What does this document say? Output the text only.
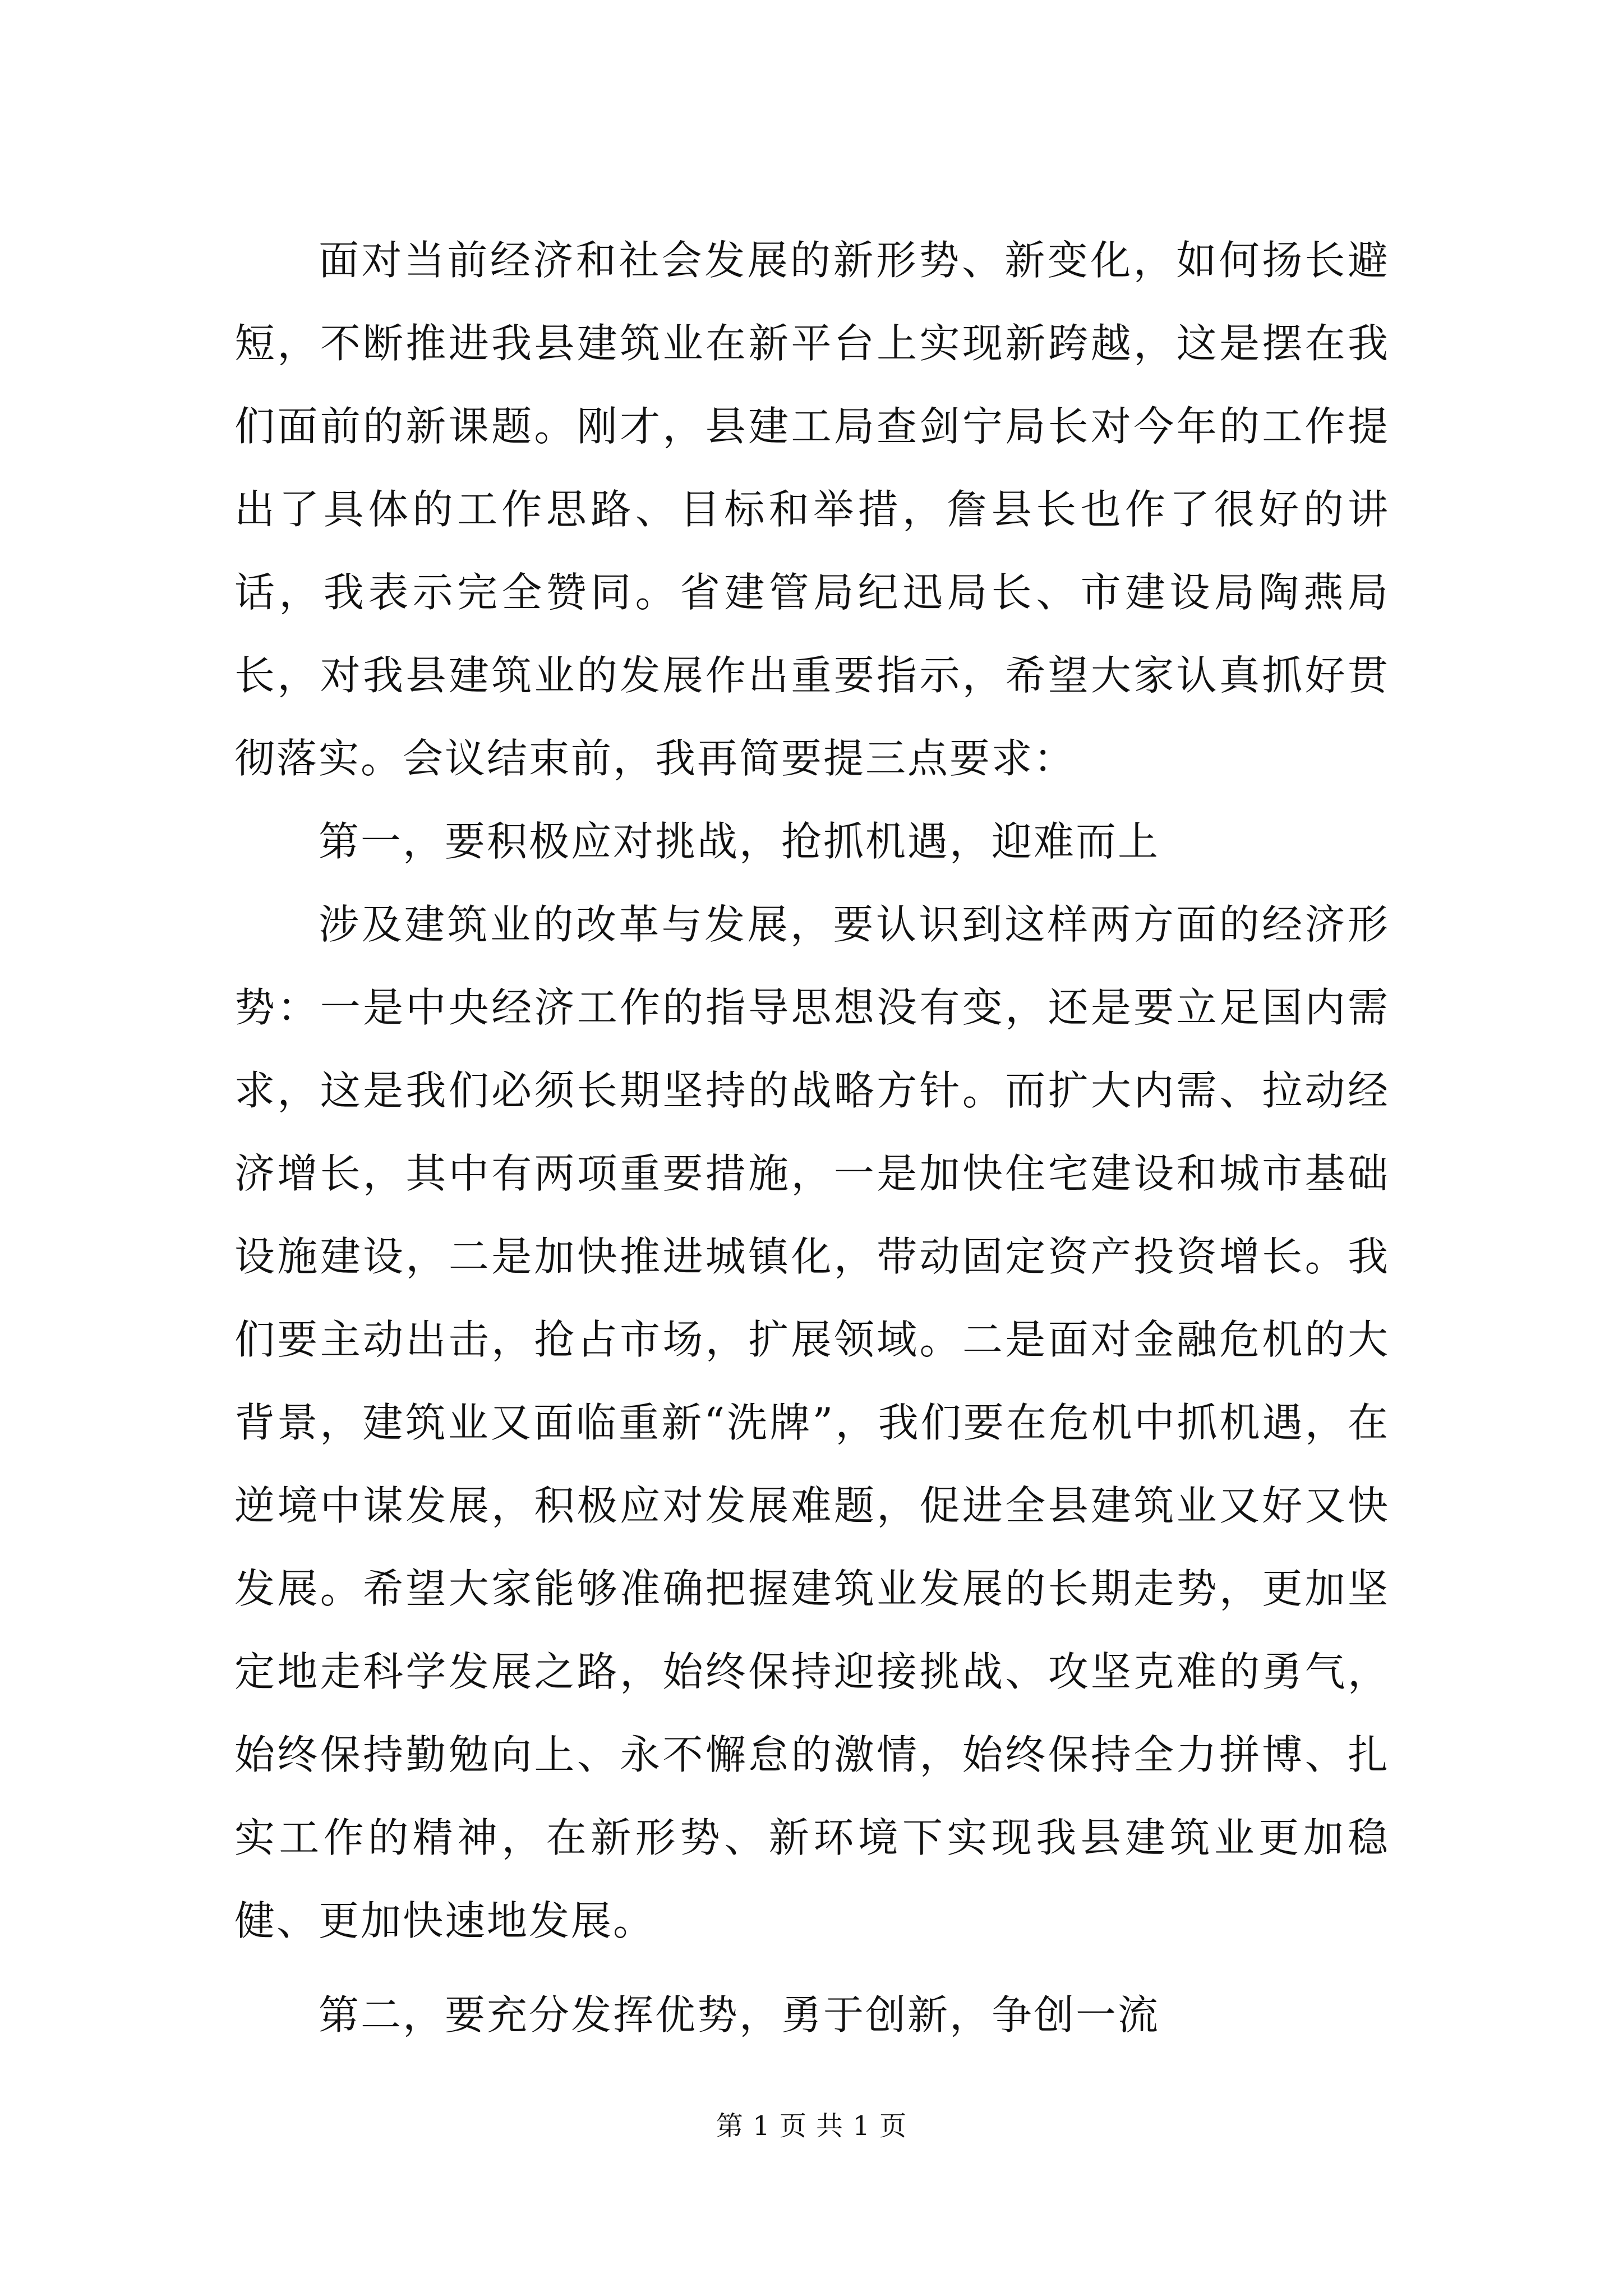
面对当前经济和社会发展的新形势、新变化，如何扬长避短，不断推进我县建筑业在新平台上实现新跨越，这是摆在我们面前的新课题。刚才，县建工局查剑宁局长对今年的工作提出了具体的工作思路、目标和举措，詹县长也作了很好的讲话，我表示完全赞同。省建管局纪迅局长、市建设局陶燕局长，对我县建筑业的发展作出重要指示，希望大家认真抓好贯彻落实。会议结束前，我再简要提三点要求：

第一，要积极应对挑战，抢抓机遇，迎难而上

涉及建筑业的改革与发展，要认识到这样两方面的经济形势：一是中央经济工作的指导思想没有变，还是要立足国内需求，这是我们必须长期坚持的战略方针。而扩大内需、拉动经济增长，其中有两项重要措施，一是加快住宅建设和城市基础设施建设，二是加快推进城镇化，带动固定资产投资增长。我们要主动出击，抢占市场，扩展领域。二是面对金融危机的大背景，建筑业又面临重新“洗牌”，我们要在危机中抓机遇，在逆境中谋发展，积极应对发展难题，促进全县建筑业又好又快发展。希望大家能够准确把握建筑业发展的长期走势，更加坚定地走科学发展之路，始终保持迎接挑战、攻坚克难的勇气，始终保持勤勉向上、永不懈怠的激情，始终保持全力拼博、扎实工作的精神，在新形势、新环境下实现我县建筑业更加稳健、更加快速地发展。

第二，要充分发挥优势，勇于创新，争创一流

第 1 页 共 1 页
